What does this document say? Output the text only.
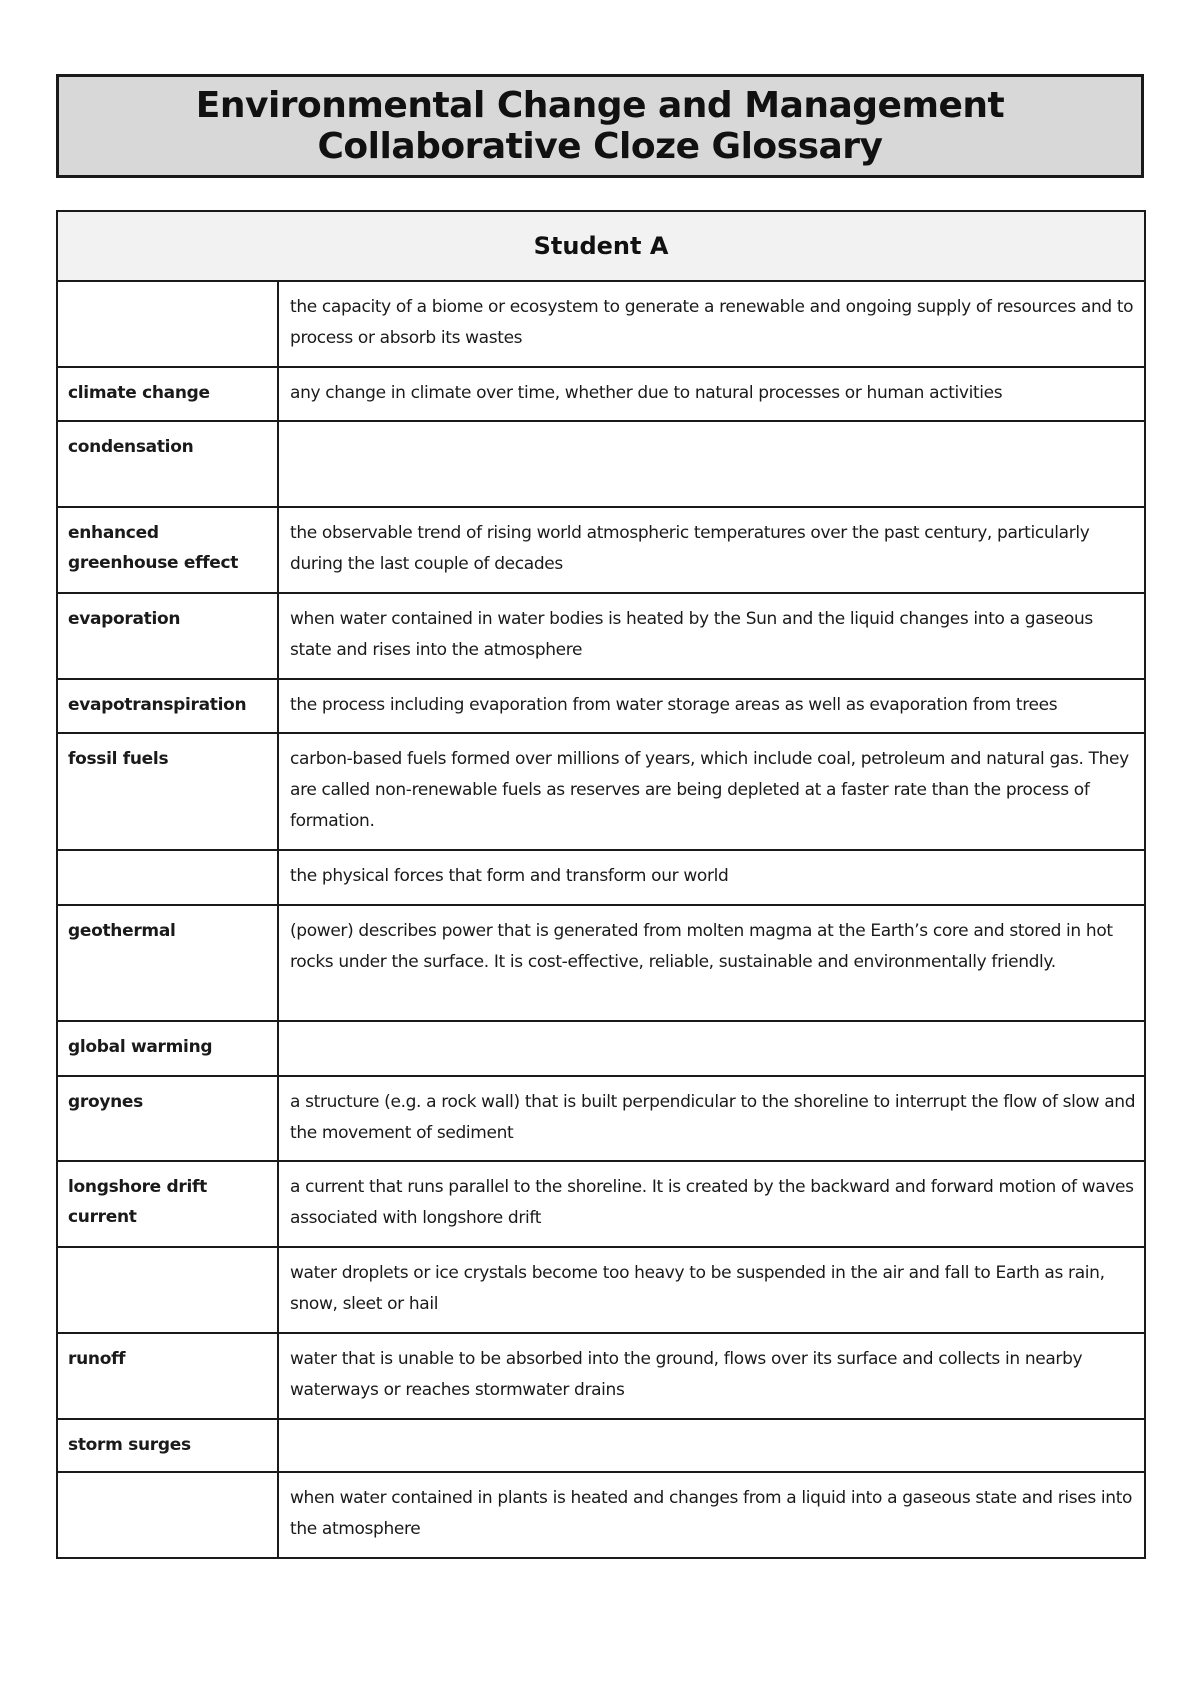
Environmental Change and Management
Collaborative Cloze Glossary
Student A	
	the capacity of a biome or ecosystem to generate a renewable and ongoing supply of resources and to process or absorb its wastes
climate change	any change in climate over time, whether due to natural processes or human activities
condensation	
enhanced greenhouse effect	the observable trend of rising world atmospheric temperatures over the past century, particularly during the last couple of decades
evaporation	when water contained in water bodies is heated by the Sun and the liquid changes into a gaseous state and rises into the atmosphere
evapotranspiration	the process including evaporation from water storage areas as well as evaporation from trees
fossil fuels	carbon-based fuels formed over millions of years, which include coal, petroleum and natural gas. They are called non-renewable fuels as reserves are being depleted at a faster rate than the process of formation.
	the physical forces that form and transform our world
geothermal	(power) describes power that is generated from molten magma at the Earth’s core and stored in hot rocks under the surface. It is cost-effective, reliable, sustainable and environmentally friendly.
global warming	
groynes	a structure (e.g. a rock wall) that is built perpendicular to the shoreline to interrupt the flow of slow and the movement of sediment
longshore drift current	a current that runs parallel to the shoreline. It is created by the backward and forward motion of waves associated with longshore drift
	water droplets or ice crystals become too heavy to be suspended in the air and fall to Earth as rain, snow, sleet or hail
runoff	water that is unable to be absorbed into the ground, flows over its surface and collects in nearby waterways or reaches stormwater drains
storm surges	
	when water contained in plants is heated and changes from a liquid into a gaseous state and rises into the atmosphere
